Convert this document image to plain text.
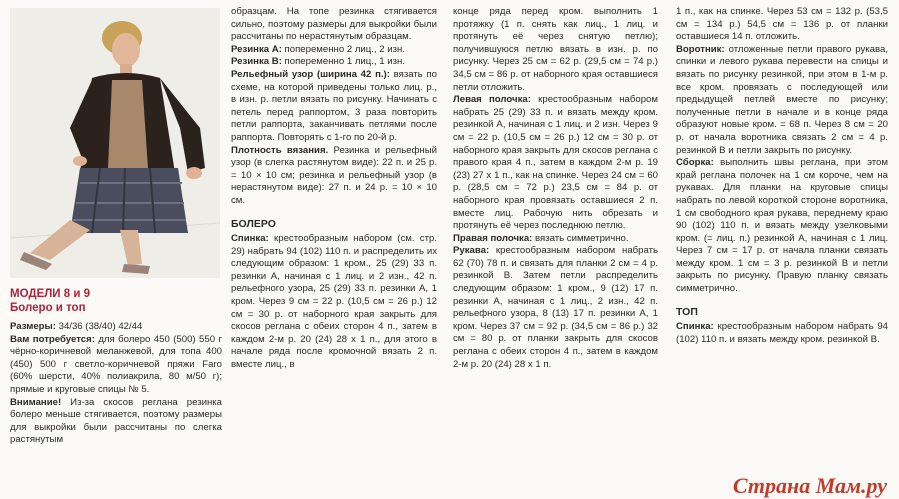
МОДЕЛИ 8 и 9

Болеро и топ

Размеры: 34/36 (38/40) 42/44

Вам потребуется: для болеро 450 (500) 550 г чёрно-коричневой меланжевой, для топа 400 (450) 500 г светло-коричневой пряжи Faro (60% шерсти, 40% полиакрила, 80 м/50 г); прямые и круговые спицы № 5.

Внимание! Из-за скосов реглана резинка болеро меньше стягивается, поэтому размеры для выкройки были рассчитаны по слегка растянутым

образцам. На топе резинка стягивается сильно, поэтому размеры для выкройки были рассчитаны по нерастянутым образцам.

Резинка А: попеременно 2 лиц., 2 изн.

Резинка В: попеременно 1 лиц., 1 изн.

Рельефный узор (ширина 42 п.): вязать по схеме, на которой приведены только лиц. р., в изн. р. петли вязать по рисунку. Начинать с петель перед раппортом, 3 раза повторить петли раппорта, заканчивать петлями после раппорта. Повторять с 1-го по 20-й р.

Плотность вязания. Резинка и рельефный узор (в слегка растянутом виде): 22 п. и 25 р. = 10 × 10 см; резинка и рельефный узор (в нерастянутом виде): 27 п. и 24 р. = 10 × 10 см.

БОЛЕРО

Спинка: крестообразным набором (см. стр. 29) набрать 94 (102) 110 п. и распределить их следующим образом: 1 кром., 25 (29) 33 п. резинки А, начиная с 1 лиц. и 2 изн., 42 п. рельефного узора, 25 (29) 33 п. резинки А, 1 кром. Через 9 см = 22 р. (10,5 см = 26 р.) 12 см = 30 р. от наборного края закрыть для скосов реглана с обеих сторон 4 п., затем в каждом 2-м р. 20 (24) 28 х 1 п., для этого в начале ряда после кромочной вязать 2 п. вместе лиц., в

конце ряда перед кром. выполнить 1 протяжку (1 п. снять как лиц., 1 лиц. и протянуть её через снятую петлю); получившуюся петлю вязать в изн. р. по рисунку. Через 25 см = 62 р. (29,5 см = 74 р.) 34,5 см = 86 р. от наборного края оставшиеся петли отложить.

Левая полочка: крестообразным набором набрать 25 (29) 33 п. и вязать между кром. резинкой А, начиная с 1 лиц. и 2 изн. Через 9 см = 22 р. (10,5 см = 26 р.) 12 см = 30 р. от наборного края закрыть для скосов реглана с правого края 4 п., затем в каждом 2-м р. 19 (23) 27 х 1 п., как на спинке. Через 24 см = 60 р. (28,5 см = 72 р.) 23,5 см = 84 р. от наборного края провязать оставшиеся 2 п. вместе лиц. Рабочую нить обрезать и протянуть её через последнюю петлю.

Правая полочка: вязать симметрично.

Рукава: крестообразным набором набрать 62 (70) 78 п. и связать для планки 2 см = 4 р. резинкой В. Затем петли распределить следующим образом: 1 кром., 9 (12) 17 п. резинки А, начиная с 1 лиц., 2 изн., 42 п. рельефного узора, 8 (13) 17 п. резинки А, 1 кром. Через 37 см = 92 р. (34,5 см = 86 р.) 32 см = 80 р. от планки закрыть для скосов реглана с обеих сторон 4 п., затем в каждом 2-м р. 20 (24) 28 х 1 п.

1 п., как на спинке. Через 53 см = 132 р. (53,5 см = 134 р.) 54,5 см = 136 р. от планки оставшиеся 14 п. отложить.

Воротник: отложенные петли правого рукава, спинки и левого рукава перевести на спицы и вязать по рисунку резинкой, при этом в 1-м р. все кром. провязать с последующей или предыдущей петлей вместе по рисунку; полученные петли в начале и в конце ряда образуют новые кром. = 68 п. Через 8 см = 20 р. от начала воротника связать 2 см = 4 р. резинкой В и петли закрыть по рисунку.

Сборка: выполнить швы реглана, при этом край реглана полочек на 1 см короче, чем на рукавах. Для планки на круговые спицы набрать по левой короткой стороне воротника, 1 см свободного края рукава, переднему краю 90 (102) 110 п. и вязать между узелковыми кром. (= лиц. п.) резинкой А, начиная с 1 лиц. Через 7 см = 17 р. от начала планки связать между кром. 1 см = 3 р. резинкой В и петли закрыть по рисунку. Правую планку связать симметрично.

ТОП

Спинка: крестообразным набором набрать 94 (102) 110 п. и вязать между кром. резинкой В.

Страна Мам.ру
